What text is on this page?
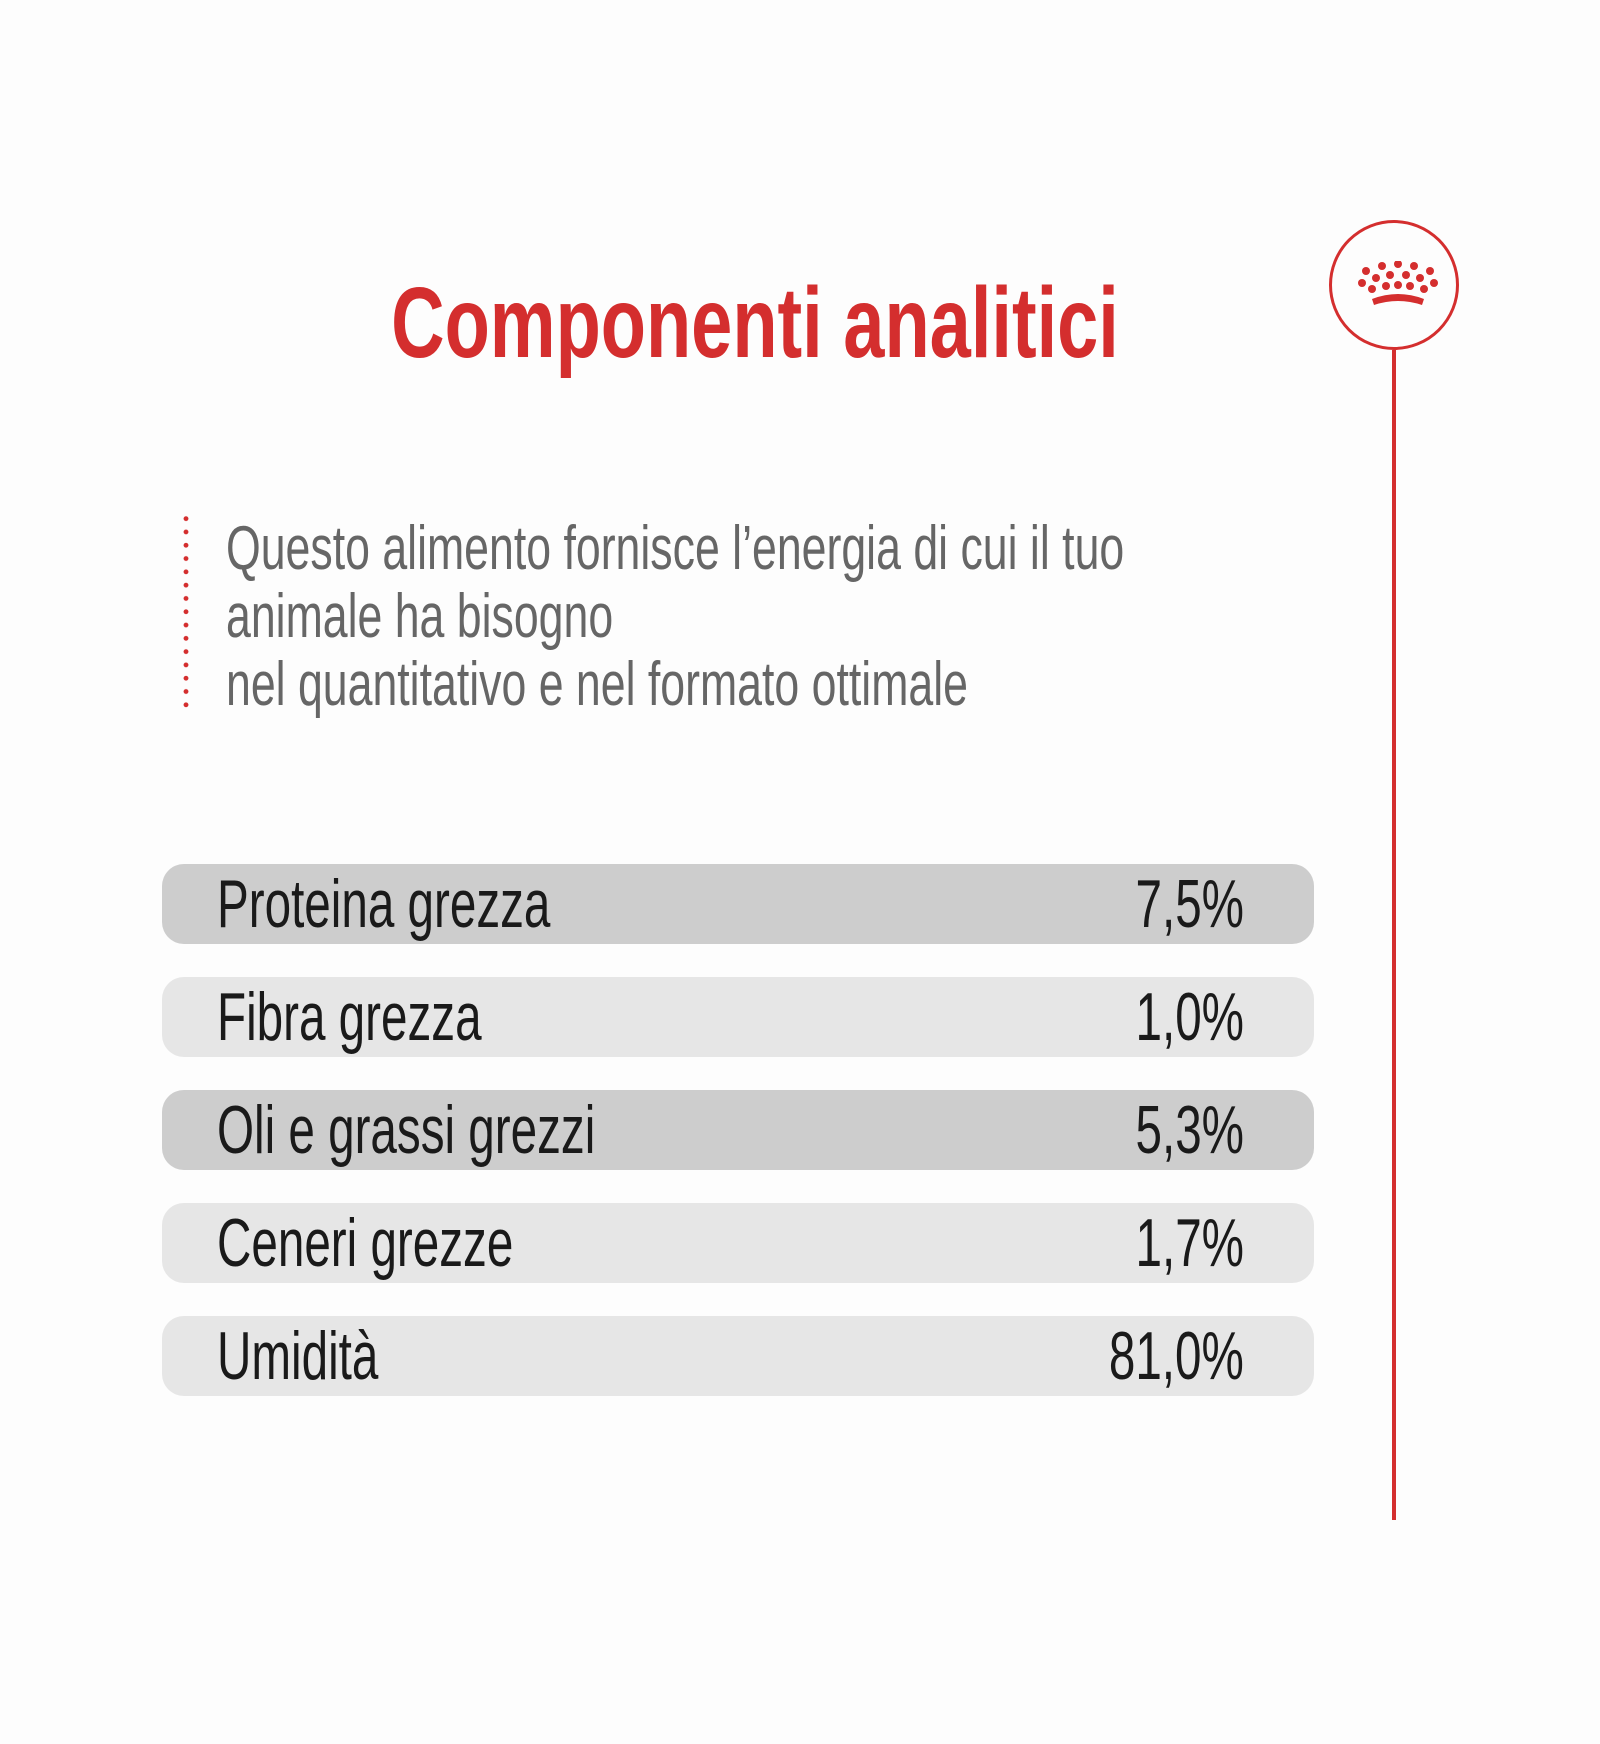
Componenti analitici
Questo alimento fornisce l’energia di cui il tuo
animale ha bisogno
nel quantitativo e nel formato ottimale
Proteina grezza	7,5%
Fibra grezza	1,0%
Oli e grassi grezzi	5,3%
Ceneri grezze	1,7%
Umidità	81,0%
